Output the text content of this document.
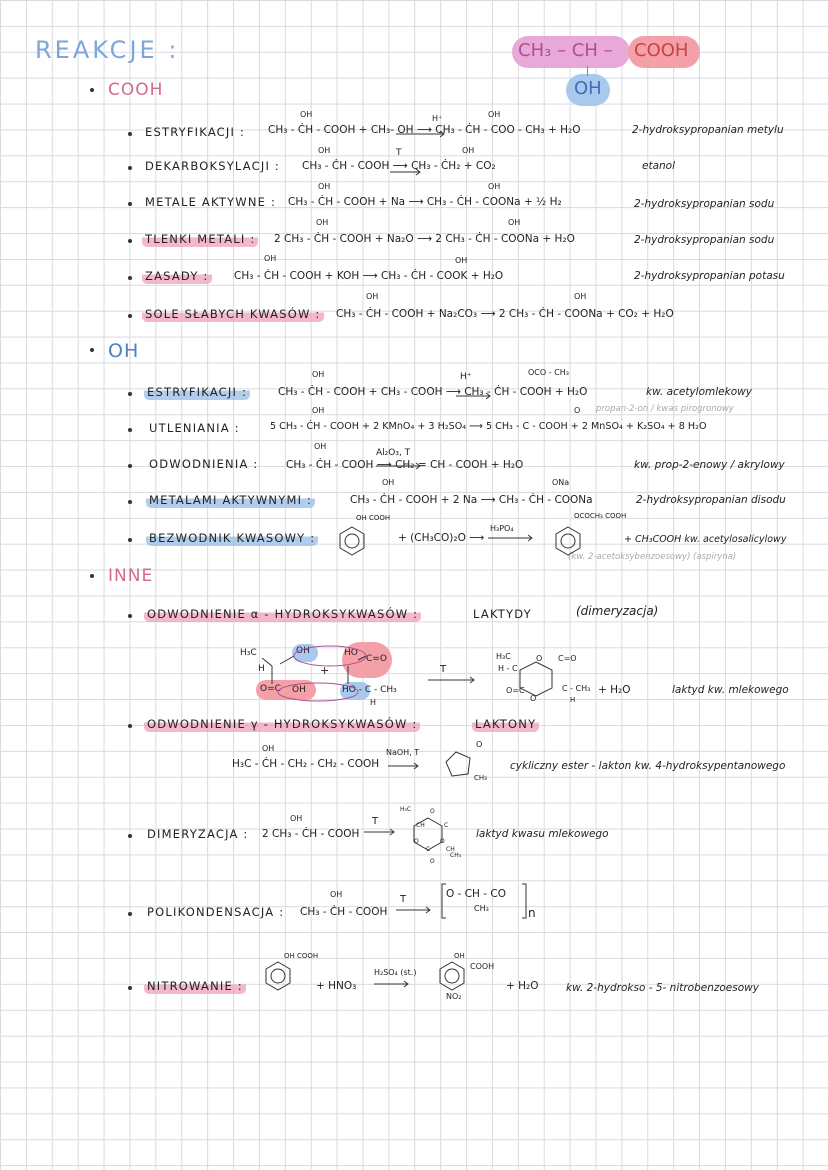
REAKCJE :	CH₃ – CH – COOH
OH
COOH
ESTRYFIKACJI :
OH	H⁺	OH
CH₃ - ĊH - COOH + CH₃- OH ⟶ CH₃ - ĊH - COO - CH₃ + H₂O	2-hydroksypropanian metylu
DEKARBOKSYLACJI :
OH	T	OH
CH₃ - ĊH - COOH ⟶ CH₃ - ĊH₂ + CO₂	etanol
METALE AKTYWNE :
OH	OH
CH₃ - ĊH - COOH + Na ⟶ CH₃ - ĊH - COONa + ½ H₂	2-hydroksypropanian sodu
TLENKI METALI :
OH	OH
2 CH₃ - ĊH - COOH + Na₂O ⟶ 2 CH₃ - ĊH - COONa + H₂O	2-hydroksypropanian sodu
ZASADY :
OH	OH
CH₃ - ĊH - COOH + KOH ⟶ CH₃ - ĊH - COOK + H₂O	2-hydroksypropanian potasu
SOLE SŁABYCH KWASÓW :
OH	OH
CH₃ - ĊH - COOH + Na₂CO₃ ⟶ 2 CH₃ - ĊH - COONa + CO₂ + H₂O
OH
ESTRYFIKACJI :
OH	H⁺	OCO - CH₃
CH₃ - ĊH - COOH + CH₃ - COOH ⟶ CH₃ - ĊH - COOH + H₂O	kw. acetylomlekowy
UTLENIANIA :
OH	O propan-2-on / kwas pirogronowy
5 CH₃ - ĊH - COOH + 2 KMnO₄ + 3 H₂SO₄ ⟶ 5 CH₃ - C - COOH + 2 MnSO₄ + K₂SO₄ + 8 H₂O
ODWODNIENIA :
OH
Al₂O₃, T
CH₃ - ĊH - COOH ⟶ CH₂ = CH - COOH + H₂O	kw. prop-2-enowy / akrylowy
METALAMI AKTYWNYMI :
OH	ONa
CH₃ - ĊH - COOH + 2 Na ⟶ CH₃ - ĊH - COONa	2-hydroksypropanian disodu
BEZWODNIK KWASOWY :
OH COOH
H₃PO₄
OCOCH₃ COOH
+ (CH₃CO)₂O ⟶	+ CH₃COOH kw. acetylosalicylowy
(kw. 2-acetoksybenzoesowy) (aspiryna)
INNE
ODWODNIENIE α - HYDROKSYKWASÓW :	LAKTYDY	(dimeryzacja)
H₃C	OH
H
O=C OH
+
HO
C=O
HO - C - CH₃
H
T
H₃C
H - C
O C=O
O=C
O
C - CH₃
H
+ H₂O	laktyd kw. mlekowego
ODWODNIENIE γ - HYDROKSYKWASÓW :	LAKTONY
OH	NaOH, T
H₃C - ĊH - CH₂ - CH₂ - COOH
O
CH₃
cykliczny ester - lakton kw. 4-hydroksypentanowego
DIMERYZACJA :
OH
2 CH₃ - ĊH - COOH
T
H₃C
CH
O
C
O
C
O
CH
CH₃
O
laktyd kwasu mlekowego
POLIKONDENSACJA :
OH
CH₃ - ĊH - COOH
T	O - CH - CO
CH₃	n
NITROWANIE :
OH COOH
+ HNO₃
H₂SO₄ (st.)
OH
COOH
NO₂
+ H₂O	kw. 2-hydrokso - 5- nitrobenzoesowy
